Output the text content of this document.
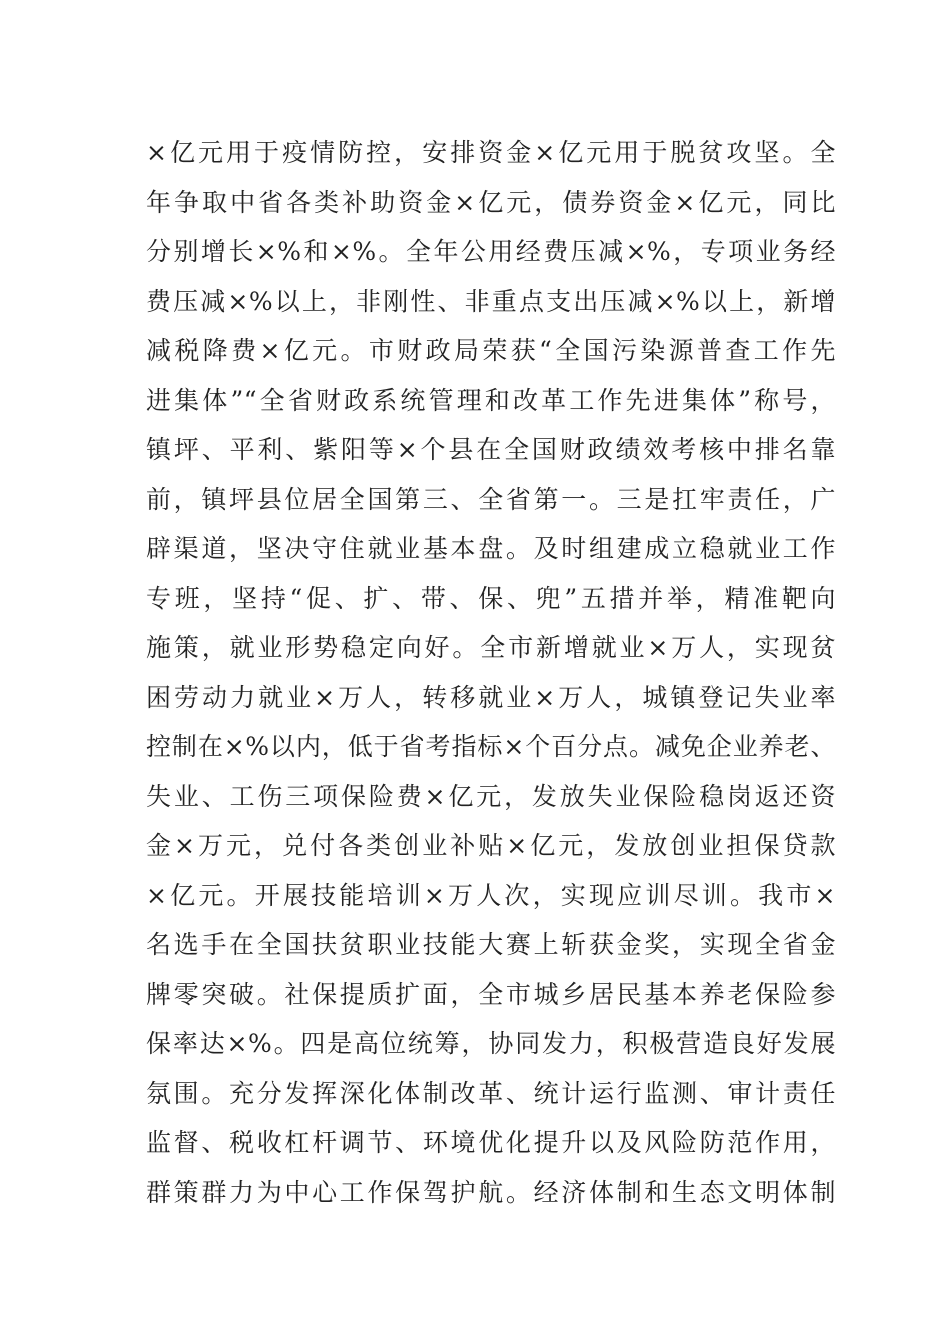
×亿元用于疫情防控，安排资金×亿元用于脱贫攻坚。全
年争取中省各类补助资金×亿元，债券资金×亿元，同比
分别增长×%和×%。全年公用经费压减×%，专项业务经
费压减×%以上，非刚性、非重点支出压减×%以上，新增
减税降费×亿元。市财政局荣获“全国污染源普查工作先
进集体”“全省财政系统管理和改革工作先进集体”称号，
镇坪、平利、紫阳等×个县在全国财政绩效考核中排名靠
前，镇坪县位居全国第三、全省第一。三是扛牢责任，广
辟渠道，坚决守住就业基本盘。及时组建成立稳就业工作
专班，坚持“促、扩、带、保、兜”五措并举，精准靶向
施策，就业形势稳定向好。全市新增就业×万人，实现贫
困劳动力就业×万人，转移就业×万人，城镇登记失业率
控制在×%以内，低于省考指标×个百分点。减免企业养老、
失业、工伤三项保险费×亿元，发放失业保险稳岗返还资
金×万元，兑付各类创业补贴×亿元，发放创业担保贷款
×亿元。开展技能培训×万人次，实现应训尽训。我市×
名选手在全国扶贫职业技能大赛上斩获金奖，实现全省金
牌零突破。社保提质扩面，全市城乡居民基本养老保险参
保率达×%。四是高位统筹，协同发力，积极营造良好发展
氛围。充分发挥深化体制改革、统计运行监测、审计责任
监督、税收杠杆调节、环境优化提升以及风险防范作用，
群策群力为中心工作保驾护航。经济体制和生态文明体制
